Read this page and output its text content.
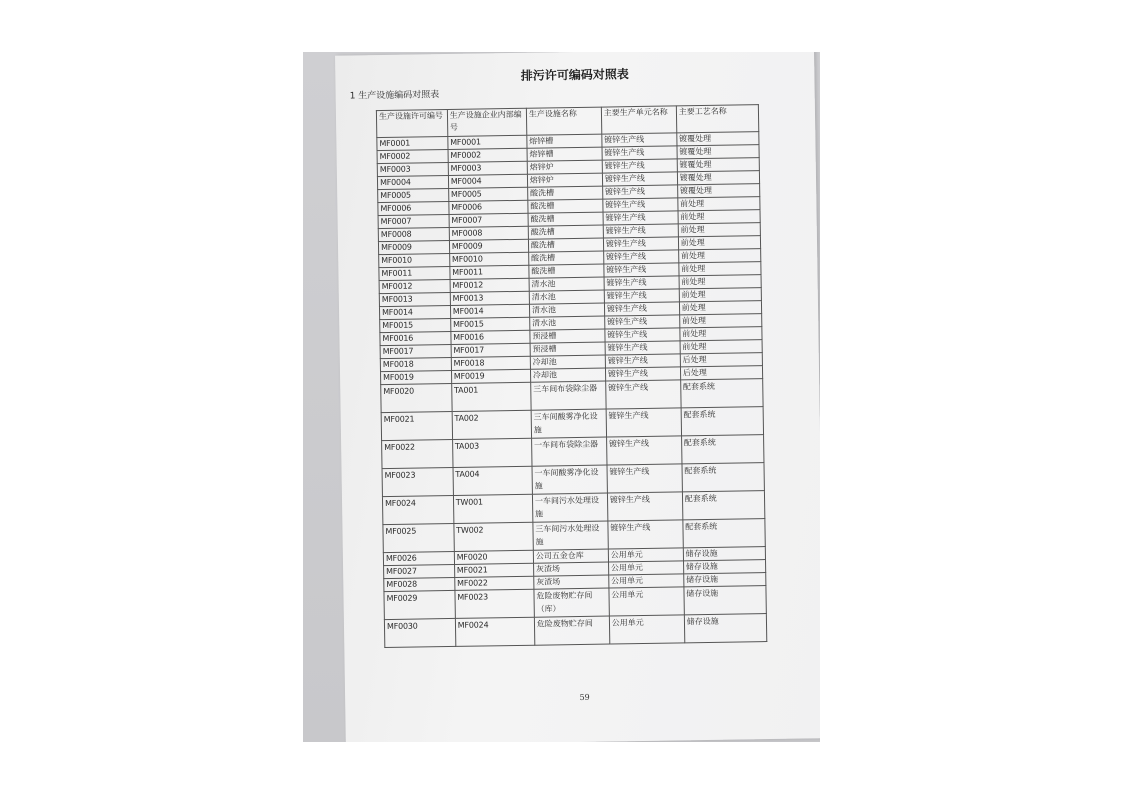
排污许可编码对照表
1 生产设施编码对照表
生产设施许可编号	生产设施企业内部编号	生产设施名称	主要生产单元名称	主要工艺名称
MF0001	MF0001	熔锌槽	镀锌生产线	镀覆处理
MF0002	MF0002	熔锌槽	镀锌生产线	镀覆处理
MF0003	MF0003	熔锌炉	镀锌生产线	镀覆处理
MF0004	MF0004	熔锌炉	镀锌生产线	镀覆处理
MF0005	MF0005	酸洗槽	镀锌生产线	镀覆处理
MF0006	MF0006	酸洗槽	镀锌生产线	前处理
MF0007	MF0007	酸洗槽	镀锌生产线	前处理
MF0008	MF0008	酸洗槽	镀锌生产线	前处理
MF0009	MF0009	酸洗槽	镀锌生产线	前处理
MF0010	MF0010	酸洗槽	镀锌生产线	前处理
MF0011	MF0011	酸洗槽	镀锌生产线	前处理
MF0012	MF0012	清水池	镀锌生产线	前处理
MF0013	MF0013	清水池	镀锌生产线	前处理
MF0014	MF0014	清水池	镀锌生产线	前处理
MF0015	MF0015	清水池	镀锌生产线	前处理
MF0016	MF0016	预浸槽	镀锌生产线	前处理
MF0017	MF0017	预浸槽	镀锌生产线	前处理
MF0018	MF0018	冷却池	镀锌生产线	后处理
MF0019	MF0019	冷却池	镀锌生产线	后处理
MF0020	TA001	三车间布袋除尘器	镀锌生产线	配套系统
MF0021	TA002	三车间酸雾净化设施	镀锌生产线	配套系统
MF0022	TA003	一车间布袋除尘器	镀锌生产线	配套系统
MF0023	TA004	一车间酸雾净化设施	镀锌生产线	配套系统
MF0024	TW001	一车间污水处理设施	镀锌生产线	配套系统
MF0025	TW002	三车间污水处理设施	镀锌生产线	配套系统
MF0026	MF0020	公司五金仓库	公用单元	储存设施
MF0027	MF0021	灰渣场	公用单元	储存设施
MF0028	MF0022	灰渣场	公用单元	储存设施
MF0029	MF0023	危险废物贮存间（库）	公用单元	储存设施
MF0030	MF0024	危险废物贮存间	公用单元	储存设施
59
